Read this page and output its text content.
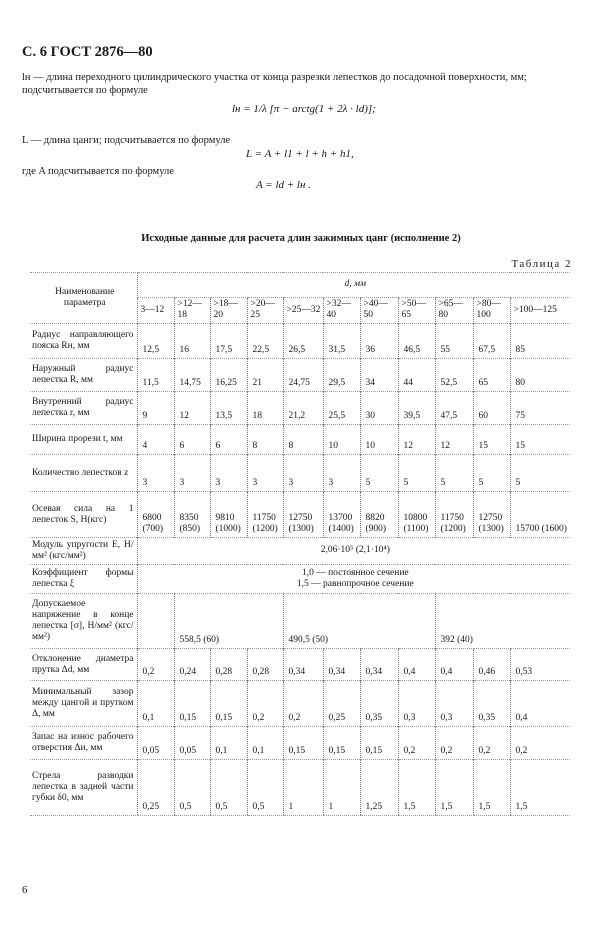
С. 6 ГОСТ 2876—80
lн — длина переходного цилиндрического участка от конца разрезки лепестков до посадочной поверхности, мм; подсчитывается по формуле
lн = 1/λ [π − arctg(1 + 2λ · ld)];
L — длина цанги; подсчитывается по формуле
L = A + l1 + l + h + h1,
где A подсчитывается по формуле
A = ld + lн .
Исходные данные для расчета длин зажимных цанг (исполнение 2)
Таблица 2
Наименование параметра	d, мм										
	3—12	>12—18	>18—20	>20—25	>25—32	>32—40	>40—50	>50—65	>65—80	>80—100	>100—125
Радиус направляющего пояска Rн, мм	12,5	16	17,5	22,5	26,5	31,5	36	46,5	55	67,5	85
Наружный радиус лепестка R, мм	11,5	14,75	16,25	21	24,75	29,5	34	44	52,5	65	80
Внутренний радиус лепестка r, мм	9	12	13,5	18	21,2	25,5	30	39,5	47,5	60	75
Ширина прорези t, мм	4	6	6	8	8	10	10	12	12	15	15
Количество лепестков z	3	3	3	3	3	3	5	5	5	5	5
Осевая сила на 1 лепесток S, Н(кгс)	6800 (700)	8350 (850)	9810 (1000)	11750 (1200)	12750 (1300)	13700 (1400)	8820 (900)	10800 (1100)	11750 (1200)	12750 (1300)	15700 (1600)
Модуль упругости E, Н/мм² (кгс/мм²)	2,06·10⁵ (2,1·10⁴)										
Коэффициент формы лепестка ξ	1,0 — постоянное сечение
1,5 — равнопрочное сечение										

Допускаемое напряжение в конце лепестка [σ], Н/мм² (кгс/мм²)		558,5 (60)			490,5 (50)				392 (40)		
Отклонение диаметра прутка Δd, мм	0,2	0,24	0,28	0,28	0,34	0,34	0,34	0,4	0,4	0,46	0,53
Минимальный зазор между цангой и прутком Δ, мм	0,1	0,15	0,15	0,2	0,2	0,25	0,35	0,3	0,3	0,35	0,4
Запас на износ рабочего отверстия Δи, мм	0,05	0,05	0,1	0,1	0,15	0,15	0,15	0,2	0,2	0,2	0,2
Стрела разводки лепестка в задней части губки δ0, мм	0,25	0,5	0,5	0,5	1	1	1,25	1,5	1,5	1,5	1,5
6
